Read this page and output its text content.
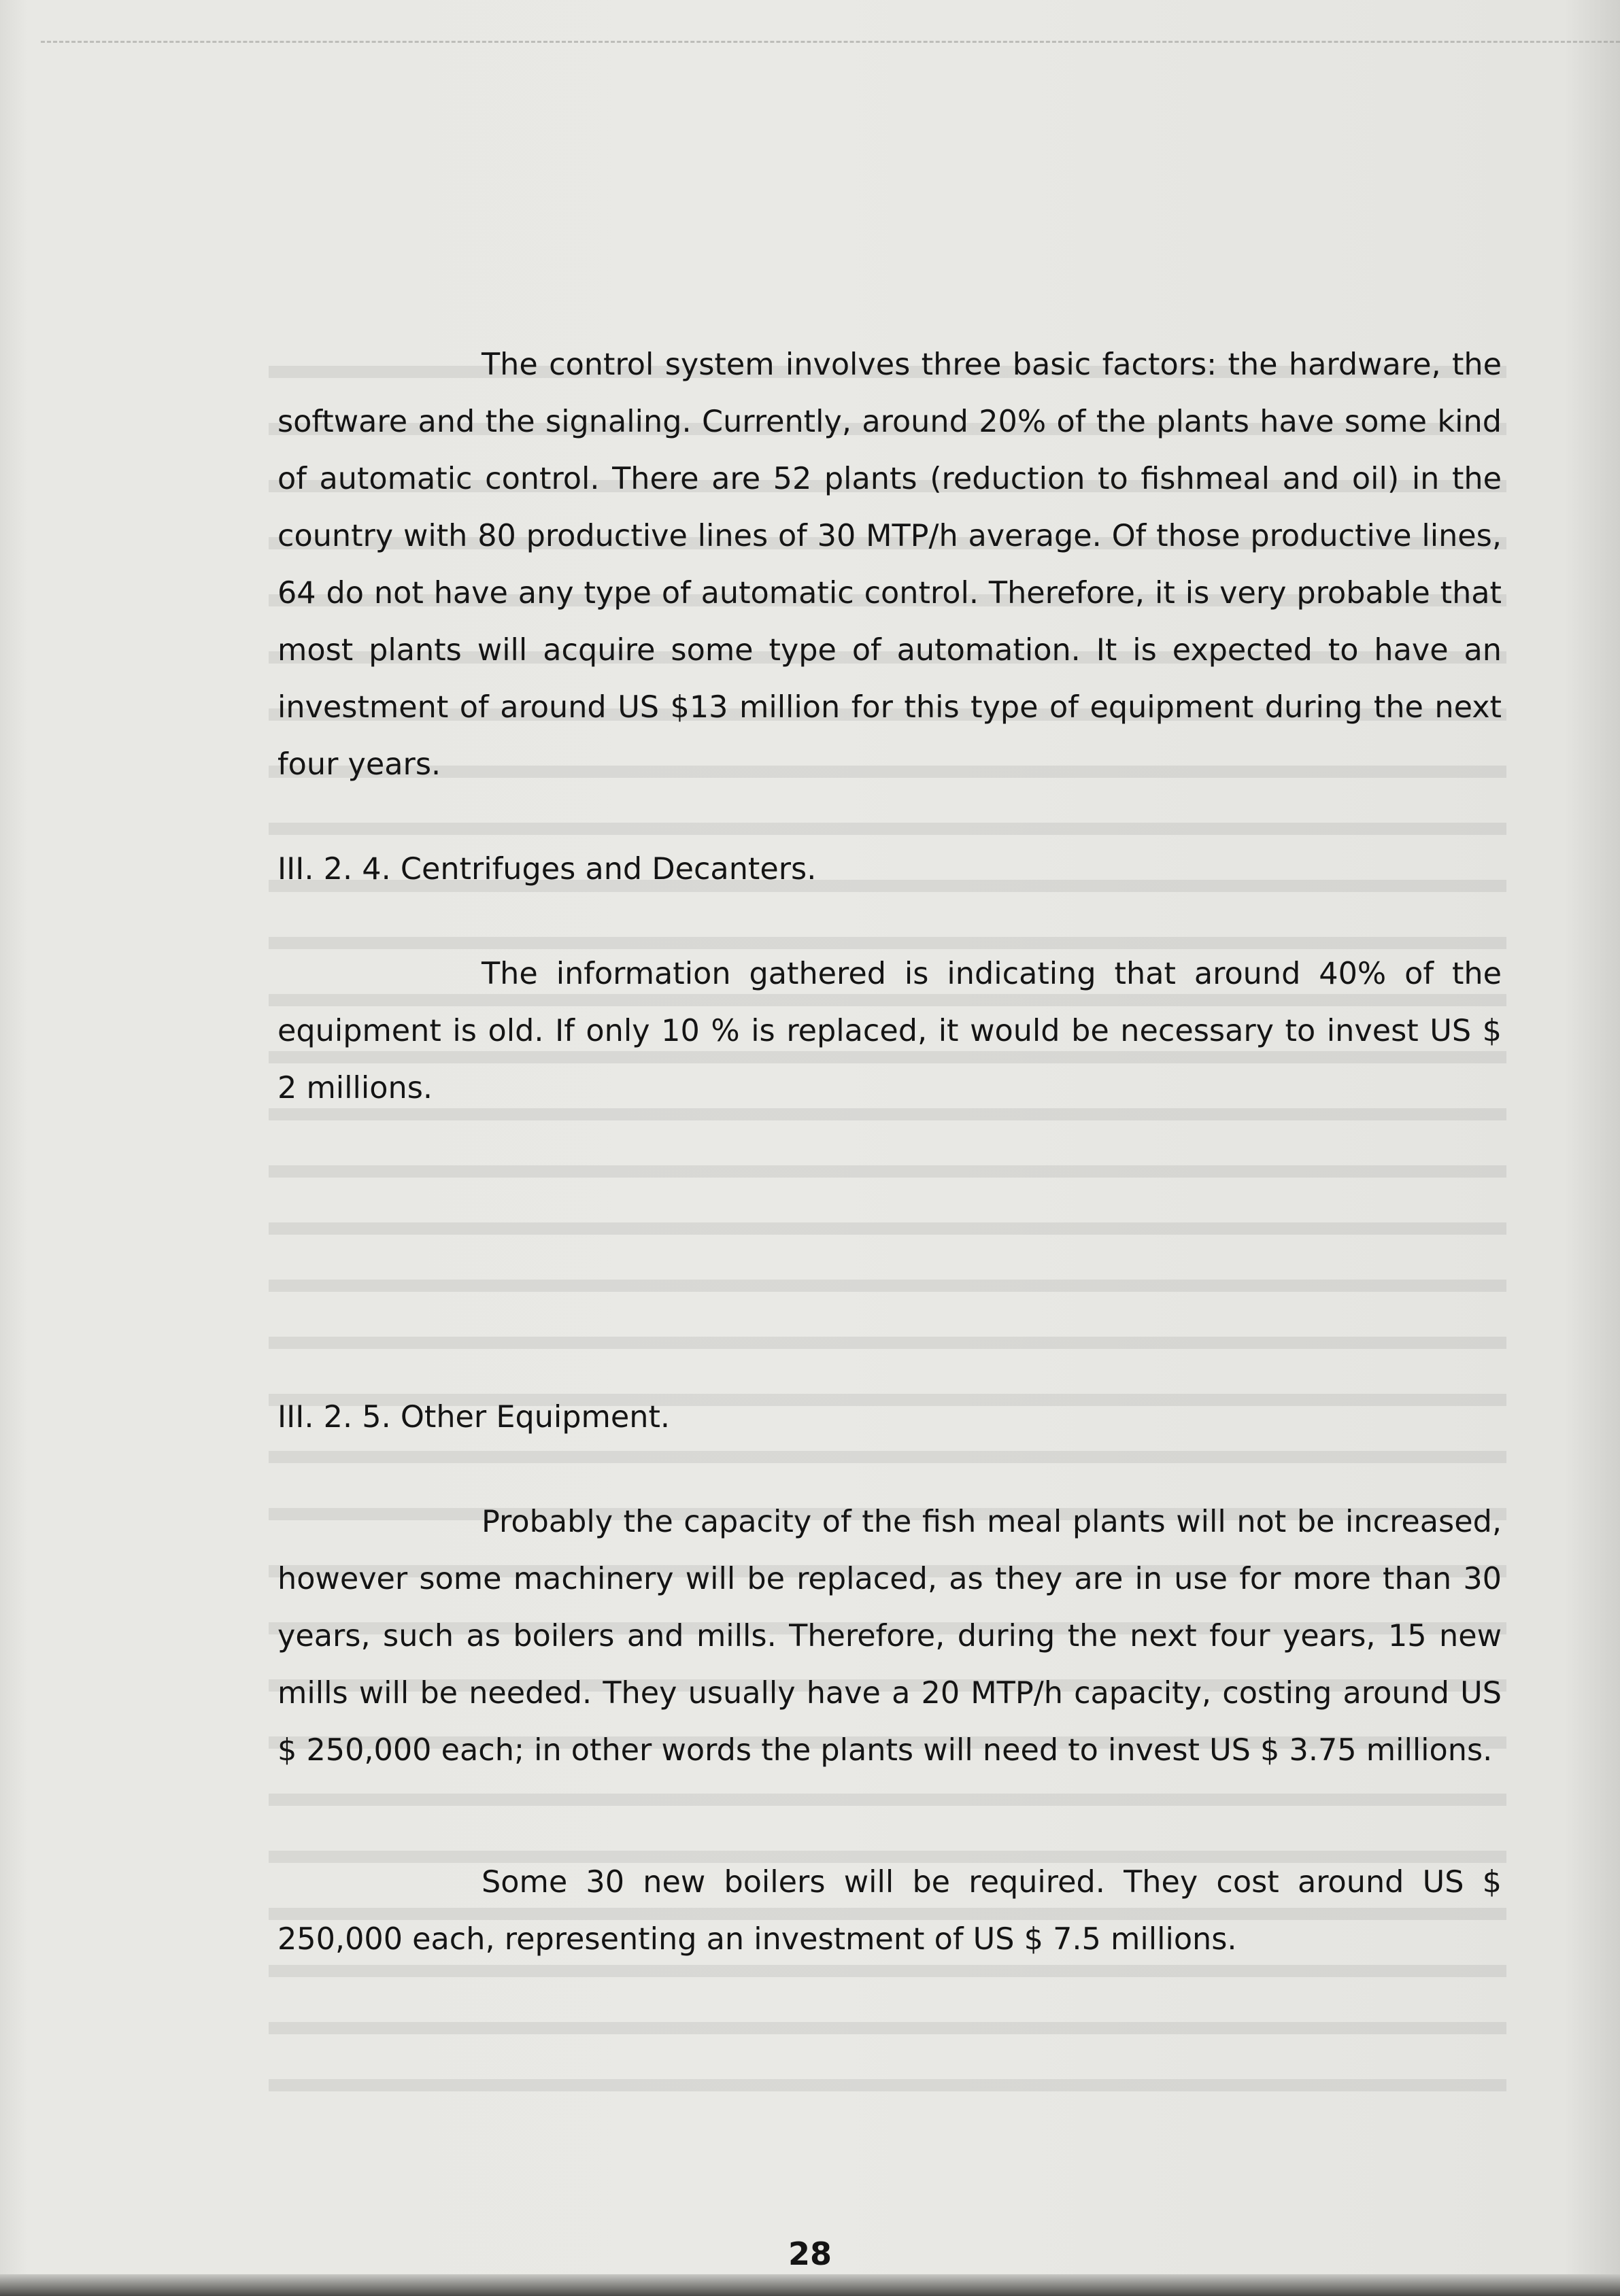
The control system involves three basic factors: the hardware, the software and the signaling. Currently, around 20% of the plants have some kind of automatic control. There are 52 plants (reduction to fishmeal and oil) in the country with 80 productive lines of 30 MTP/h average. Of those productive lines, 64 do not have any type of automatic control. Therefore, it is very probable that most plants will acquire some type of automation. It is expected to have an investment of around US $13 million for this type of equipment during the next four years.

III. 2. 4. Centrifuges and Decanters.

The information gathered is indicating that around 40% of the equipment is old. If only 10 % is replaced, it would be necessary to invest US $ 2 millions.

III. 2. 5. Other Equipment.

Probably the capacity of the fish meal plants will not be increased, however some machinery will be replaced, as they are in use for more than 30 years, such as boilers and mills. Therefore, during the next four years, 15 new mills will be needed. They usually have a 20 MTP/h capacity, costing around US $ 250,000 each; in other words the plants will need to invest US $ 3.75 millions.

Some 30 new boilers will be required. They cost around US $ 250,000 each, representing an investment of US $ 7.5 millions.

28
